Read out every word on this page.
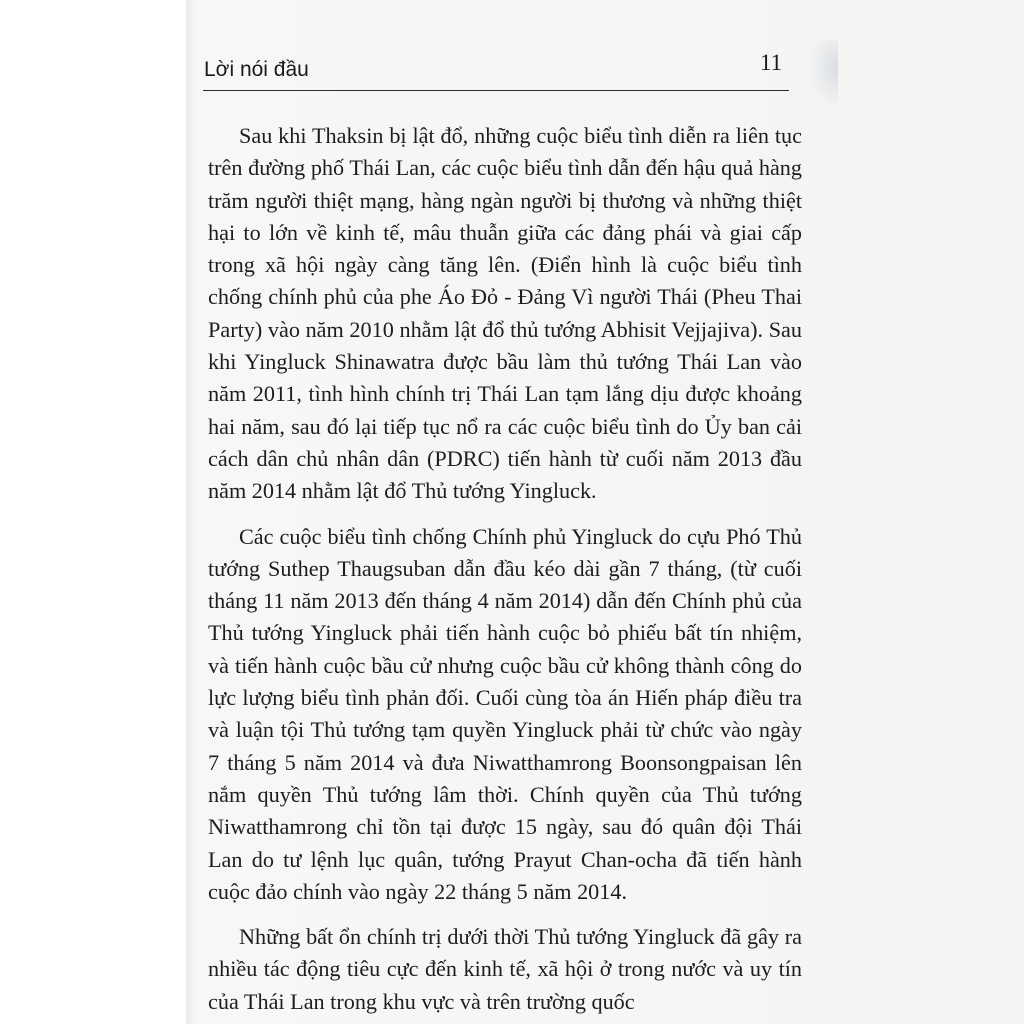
Lời nói đầu	11

Sau khi Thaksin bị lật đổ, những cuộc biểu tình diễn ra liên tục trên đường phố Thái Lan, các cuộc biểu tình dẫn đến hậu quả hàng trăm người thiệt mạng, hàng ngàn người bị thương và những thiệt hại to lớn về kinh tế, mâu thuẫn giữa các đảng phái và giai cấp trong xã hội ngày càng tăng lên. (Điển hình là cuộc biểu tình chống chính phủ của phe Áo Đỏ - Đảng Vì người Thái (Pheu Thai Party) vào năm 2010 nhằm lật đổ thủ tướng Abhisit Vejjajiva). Sau khi Yingluck Shinawatra được bầu làm thủ tướng Thái Lan vào năm 2011, tình hình chính trị Thái Lan tạm lắng dịu được khoảng hai năm, sau đó lại tiếp tục nổ ra các cuộc biểu tình do Ủy ban cải cách dân chủ nhân dân (PDRC) tiến hành từ cuối năm 2013 đầu năm 2014 nhằm lật đổ Thủ tướng Yingluck.

Các cuộc biểu tình chống Chính phủ Yingluck do cựu Phó Thủ tướng Suthep Thaugsuban dẫn đầu kéo dài gần 7 tháng, (từ cuối tháng 11 năm 2013 đến tháng 4 năm 2014) dẫn đến Chính phủ của Thủ tướng Yingluck phải tiến hành cuộc bỏ phiếu bất tín nhiệm, và tiến hành cuộc bầu cử nhưng cuộc bầu cử không thành công do lực lượng biểu tình phản đối. Cuối cùng tòa án Hiến pháp điều tra và luận tội Thủ tướng tạm quyền Yingluck phải từ chức vào ngày 7 tháng 5 năm 2014 và đưa Niwatthamrong Boonsongpaisan lên nắm quyền Thủ tướng lâm thời. Chính quyền của Thủ tướng Niwatthamrong chỉ tồn tại được 15 ngày, sau đó quân đội Thái Lan do tư lệnh lục quân, tướng Prayut Chan-ocha đã tiến hành cuộc đảo chính vào ngày 22 tháng 5 năm 2014.

Những bất ổn chính trị dưới thời Thủ tướng Yingluck đã gây ra nhiều tác động tiêu cực đến kinh tế, xã hội ở trong nước và uy tín của Thái Lan trong khu vực và trên trường quốc
